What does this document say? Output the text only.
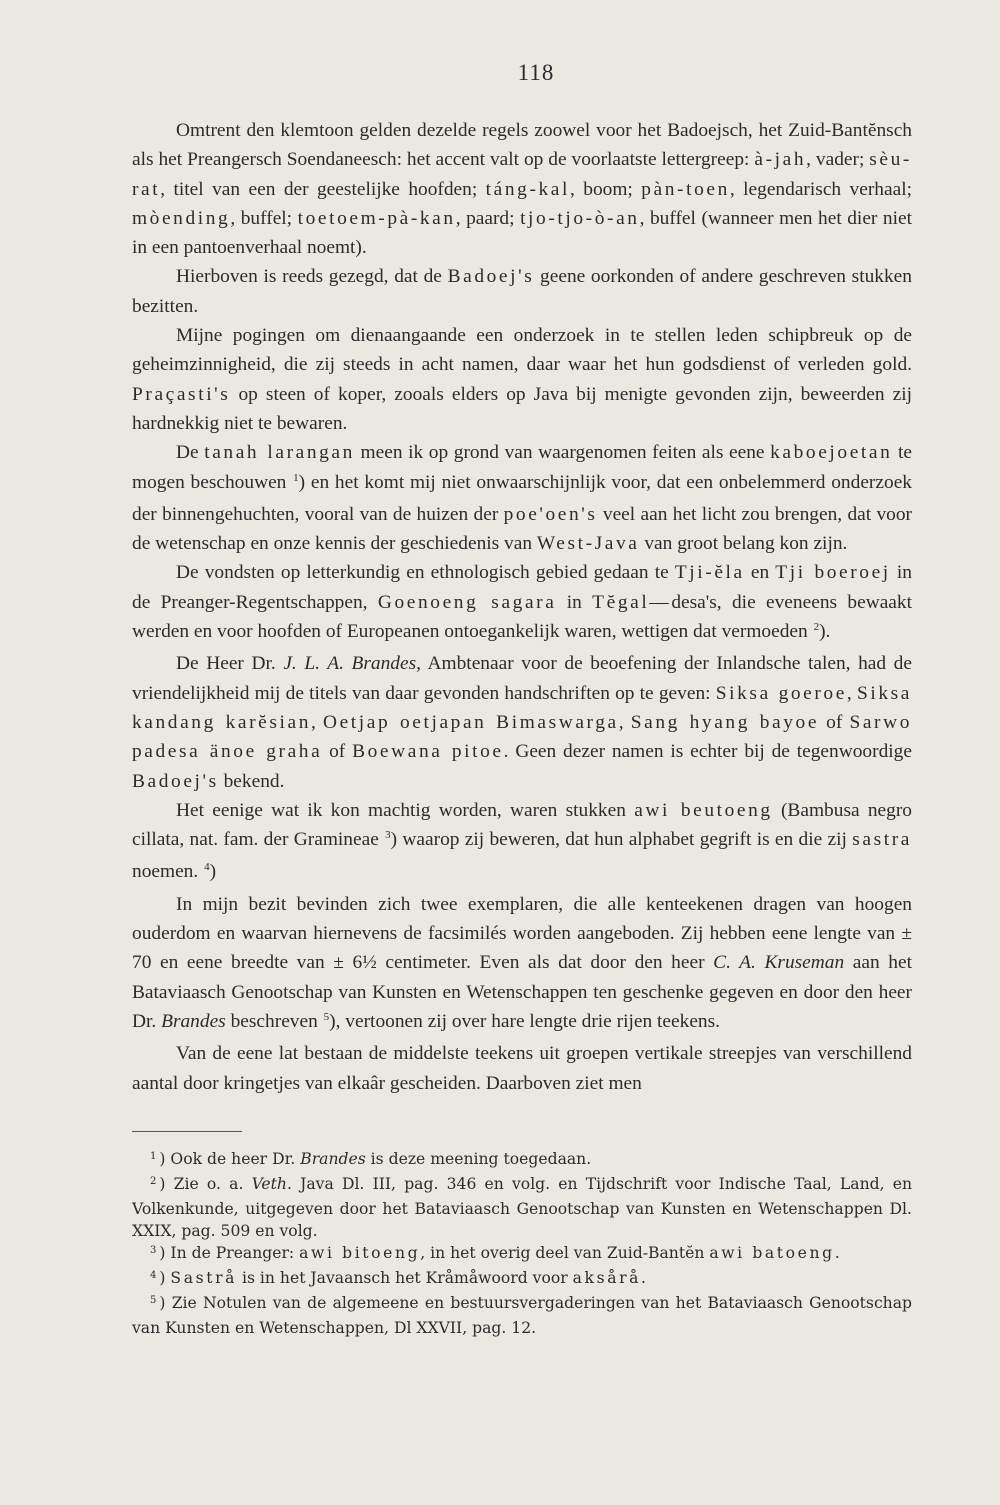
118

Omtrent den klemtoon gelden dezelde regels zoowel voor het Badoejsch, het Zuid-Bantĕnsch als het Preangersch Soendaneesch: het accent valt op de voorlaatste lettergreep: à-jah, vader; sèu-rat, titel van een der geestelijke hoofden; táng-kal, boom; pàn-toen, legendarisch verhaal; mòending, buffel; toetoem-pà-kan, paard; tjo-tjo-ò-an, buffel (wanneer men het dier niet in een pantoenverhaal noemt).

Hierboven is reeds gezegd, dat de Badoej's geene oorkonden of andere geschreven stukken bezitten.

Mijne pogingen om dienaangaande een onderzoek in te stellen leden schipbreuk op de geheimzinnigheid, die zij steeds in acht namen, daar waar het hun godsdienst of verleden gold. Praçasti's op steen of koper, zooals elders op Java bij menigte gevonden zijn, beweerden zij hardnekkig niet te bewaren.

De tanah larangan meen ik op grond van waargenomen feiten als eene kaboejoetan te mogen beschouwen $^1$) en het komt mij niet onwaarschijnlijk voor, dat een onbelemmerd onderzoek der binnengehuchten, vooral van de huizen der poe'oen's veel aan het licht zou brengen, dat voor de wetenschap en onze kennis der geschiedenis van West-Java van groot belang kon zijn.

De vondsten op letterkundig en ethnologisch gebied gedaan te Tji-ĕla en Tji boeroej in de Preanger-Regentschappen, Goenoeng sagara in Tĕgal—desa's, die eveneens bewaakt werden en voor hoofden of Europeanen ontoegankelijk waren, wettigen dat vermoeden $^2$).

De Heer Dr. J. L. A. Brandes, Ambtenaar voor de beoefening der Inlandsche talen, had de vriendelijkheid mij de titels van daar gevonden handschriften op te geven: Siksa goeroe, Siksa kandang karĕsian, Oetjap oetjapan Bimaswarga, Sang hyang bayoe of Sarwo padesa änoe graha of Boewana pitoe. Geen dezer namen is echter bij de tegenwoordige Badoej's bekend.

Het eenige wat ik kon machtig worden, waren stukken awi beutoeng (Bambusa negro cillata, nat. fam. der Gramineae $^3$) waarop zij beweren, dat hun alphabet gegrift is en die zij sastra noemen. $^4$)

In mijn bezit bevinden zich twee exemplaren, die alle kenteekenen dragen van hoogen ouderdom en waarvan hiernevens de facsimilés worden aangeboden. Zij hebben eene lengte van ± 70 en eene breedte van ± 6½ centimeter. Even als dat door den heer C. A. Kruseman aan het Bataviaasch Genootschap van Kunsten en Wetenschappen ten geschenke gegeven en door den heer Dr. Brandes beschreven $^5$), vertoonen zij over hare lengte drie rijen teekens.

Van de eene lat bestaan de middelste teekens uit groepen vertikale streepjes van verschillend aantal door kringetjes van elkaâr gescheiden. Daarboven ziet men

$^1$ ) Ook de heer Dr. Brandes is deze meening toegedaan.

$^2$ ) Zie o. a. Veth. Java Dl. III, pag. 346 en volg. en Tijdschrift voor Indische Taal, Land, en Volkenkunde, uitgegeven door het Bataviaasch Genootschap van Kunsten en Wetenschappen Dl. XXIX, pag. 509 en volg.

$^3$ ) In de Preanger: awi bitoeng, in het overig deel van Zuid-Bantĕn awi batoeng.

$^4$ ) Sastrå is in het Javaansch het Kråmåwoord voor aksårå.

$^5$ ) Zie Notulen van de algemeene en bestuursvergaderingen van het Bataviaasch Genootschap van Kunsten en Wetenschappen, Dl XXVII, pag. 12.
